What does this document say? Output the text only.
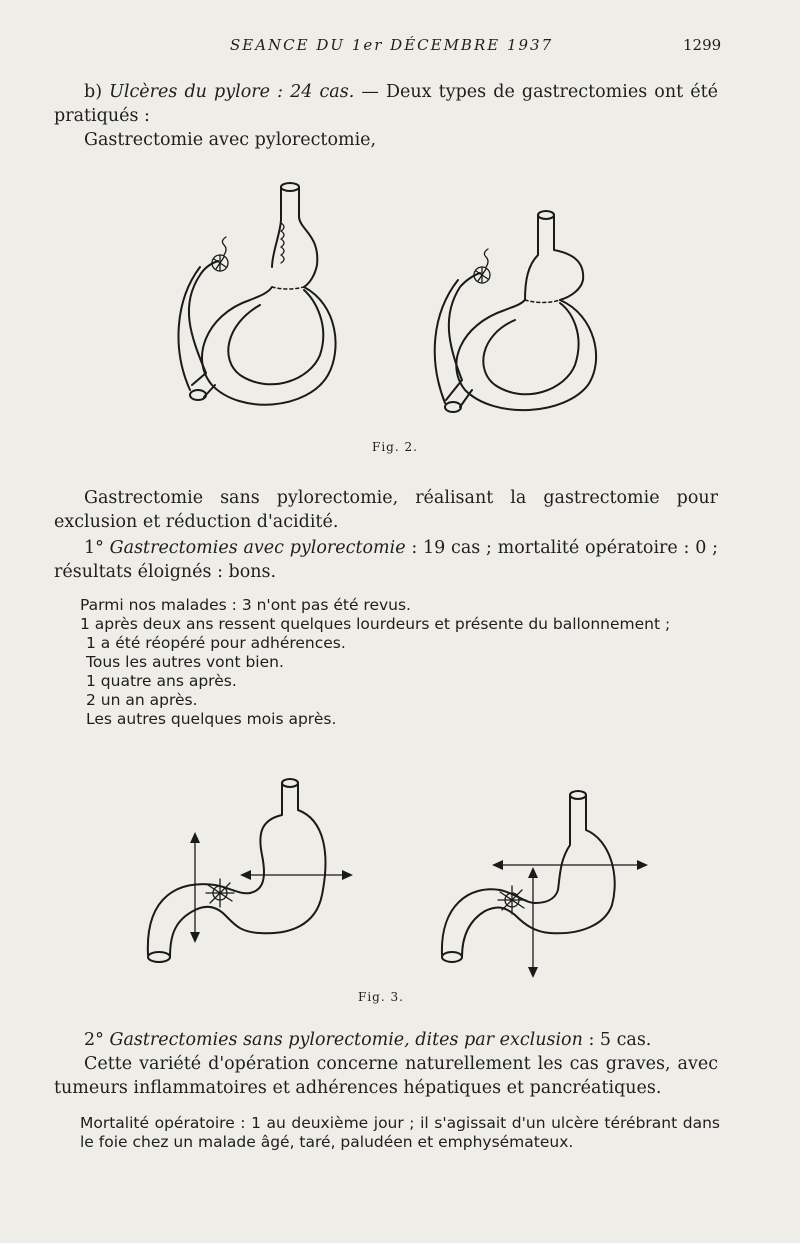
SEANCE DU 1er DÉCEMBRE 1937	1299

b) Ulcères du pylore : 24 cas. — Deux types de gastrectomies ont été pratiqués :

Gastrectomie avec pylorectomie,

Fig. 2.

Gastrectomie sans pylorectomie, réalisant la gastrectomie pour exclusion et réduction d'acidité.

1° Gastrectomies avec pylorectomie : 19 cas ; mortalité opératoire : 0 ; résultats éloignés : bons.

Parmi nos malades : 3 n'ont pas été revus.

1 après deux ans ressent quelques lourdeurs et présente du ballonnement ;

1 a été réopéré pour adhérences.

Tous les autres vont bien.

1 quatre ans après.

2 un an après.

Les autres quelques mois après.

Fig. 3.

2° Gastrectomies sans pylorectomie, dites par exclusion : 5 cas.

Cette variété d'opération concerne naturellement les cas graves, avec tumeurs inflammatoires et adhérences hépatiques et pancréatiques.

Mortalité opératoire : 1 au deuxième jour ; il s'agissait d'un ulcère térébrant dans le foie chez un malade âgé, taré, paludéen et emphysémateux.
